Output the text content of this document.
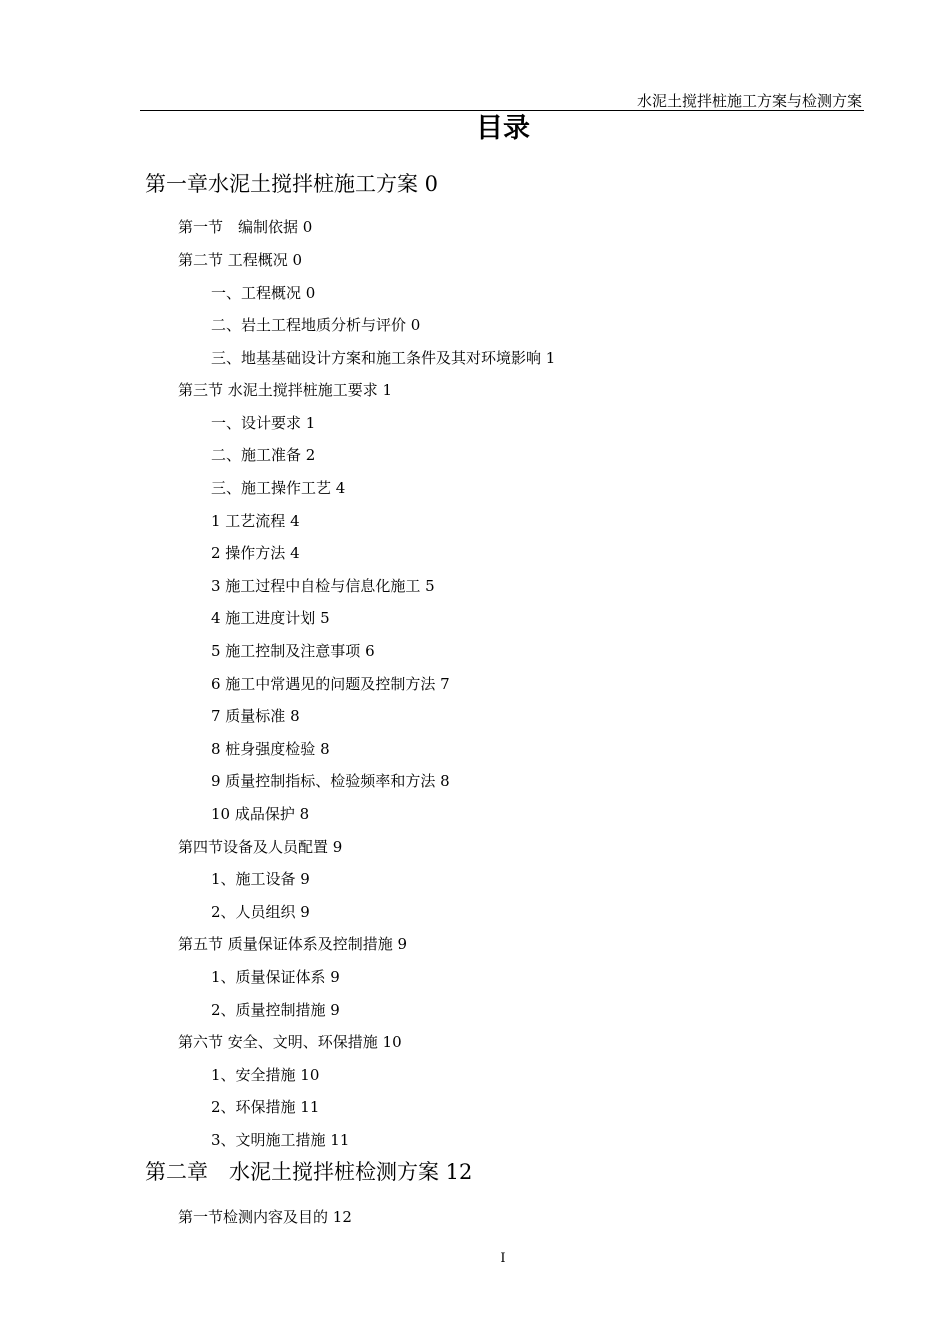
水泥土搅拌桩施工方案与检测方案
目录
第一章水泥土搅拌桩施工方案 0
第一节　编制依据 0
第二节 工程概况 0
一、工程概况 0
二、岩土工程地质分析与评价 0
三、地基基础设计方案和施工条件及其对环境影响 1
第三节 水泥土搅拌桩施工要求 1
一、设计要求 1
二、施工准备 2
三、施工操作工艺 4
1 工艺流程 4
2 操作方法 4
3 施工过程中自检与信息化施工 5
4 施工进度计划 5
5 施工控制及注意事项 6
6 施工中常遇见的问题及控制方法 7
7 质量标准 8
8 桩身强度检验 8
9 质量控制指标、检验频率和方法 8
10 成品保护 8
第四节设备及人员配置 9
1、施工设备 9
2、人员组织 9
第五节 质量保证体系及控制措施 9
1、质量保证体系 9
2、质量控制措施 9
第六节 安全、文明、环保措施 10
1、安全措施 10
2、环保措施 11
3、文明施工措施 11
第二章　水泥土搅拌桩检测方案 12
第一节检测内容及目的 12
I
